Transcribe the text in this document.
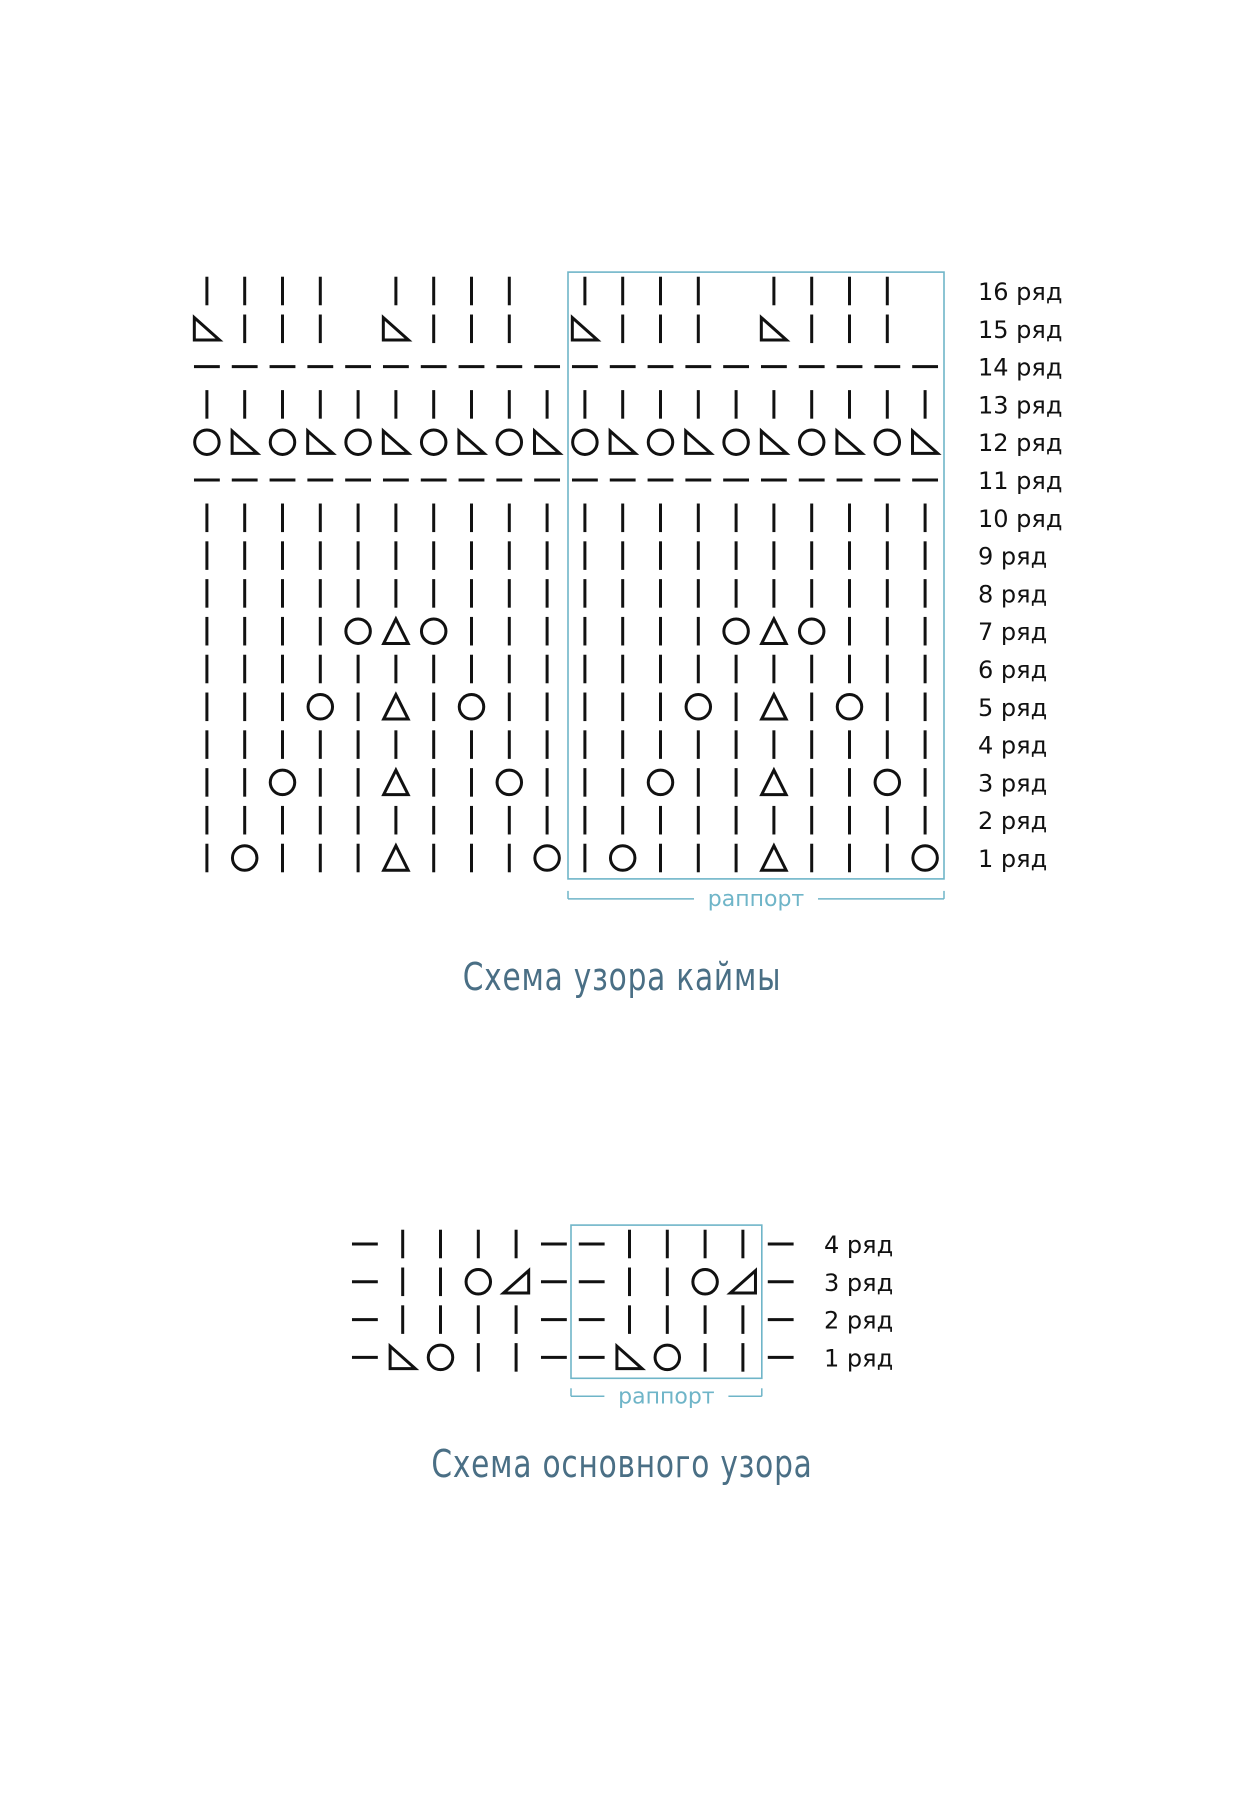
16 ряд
15 ряд
14 ряд
13 ряд
12 ряд
11 ряд
10 ряд
9 ряд
8 ряд
7 ряд
6 ряд
5 ряд
4 ряд
3 ряд
2 ряд
1 ряд
раппорт
4 ряд
3 ряд
2 ряд
1 ряд
раппорт
Схема узора каймы
Схема основного узора
